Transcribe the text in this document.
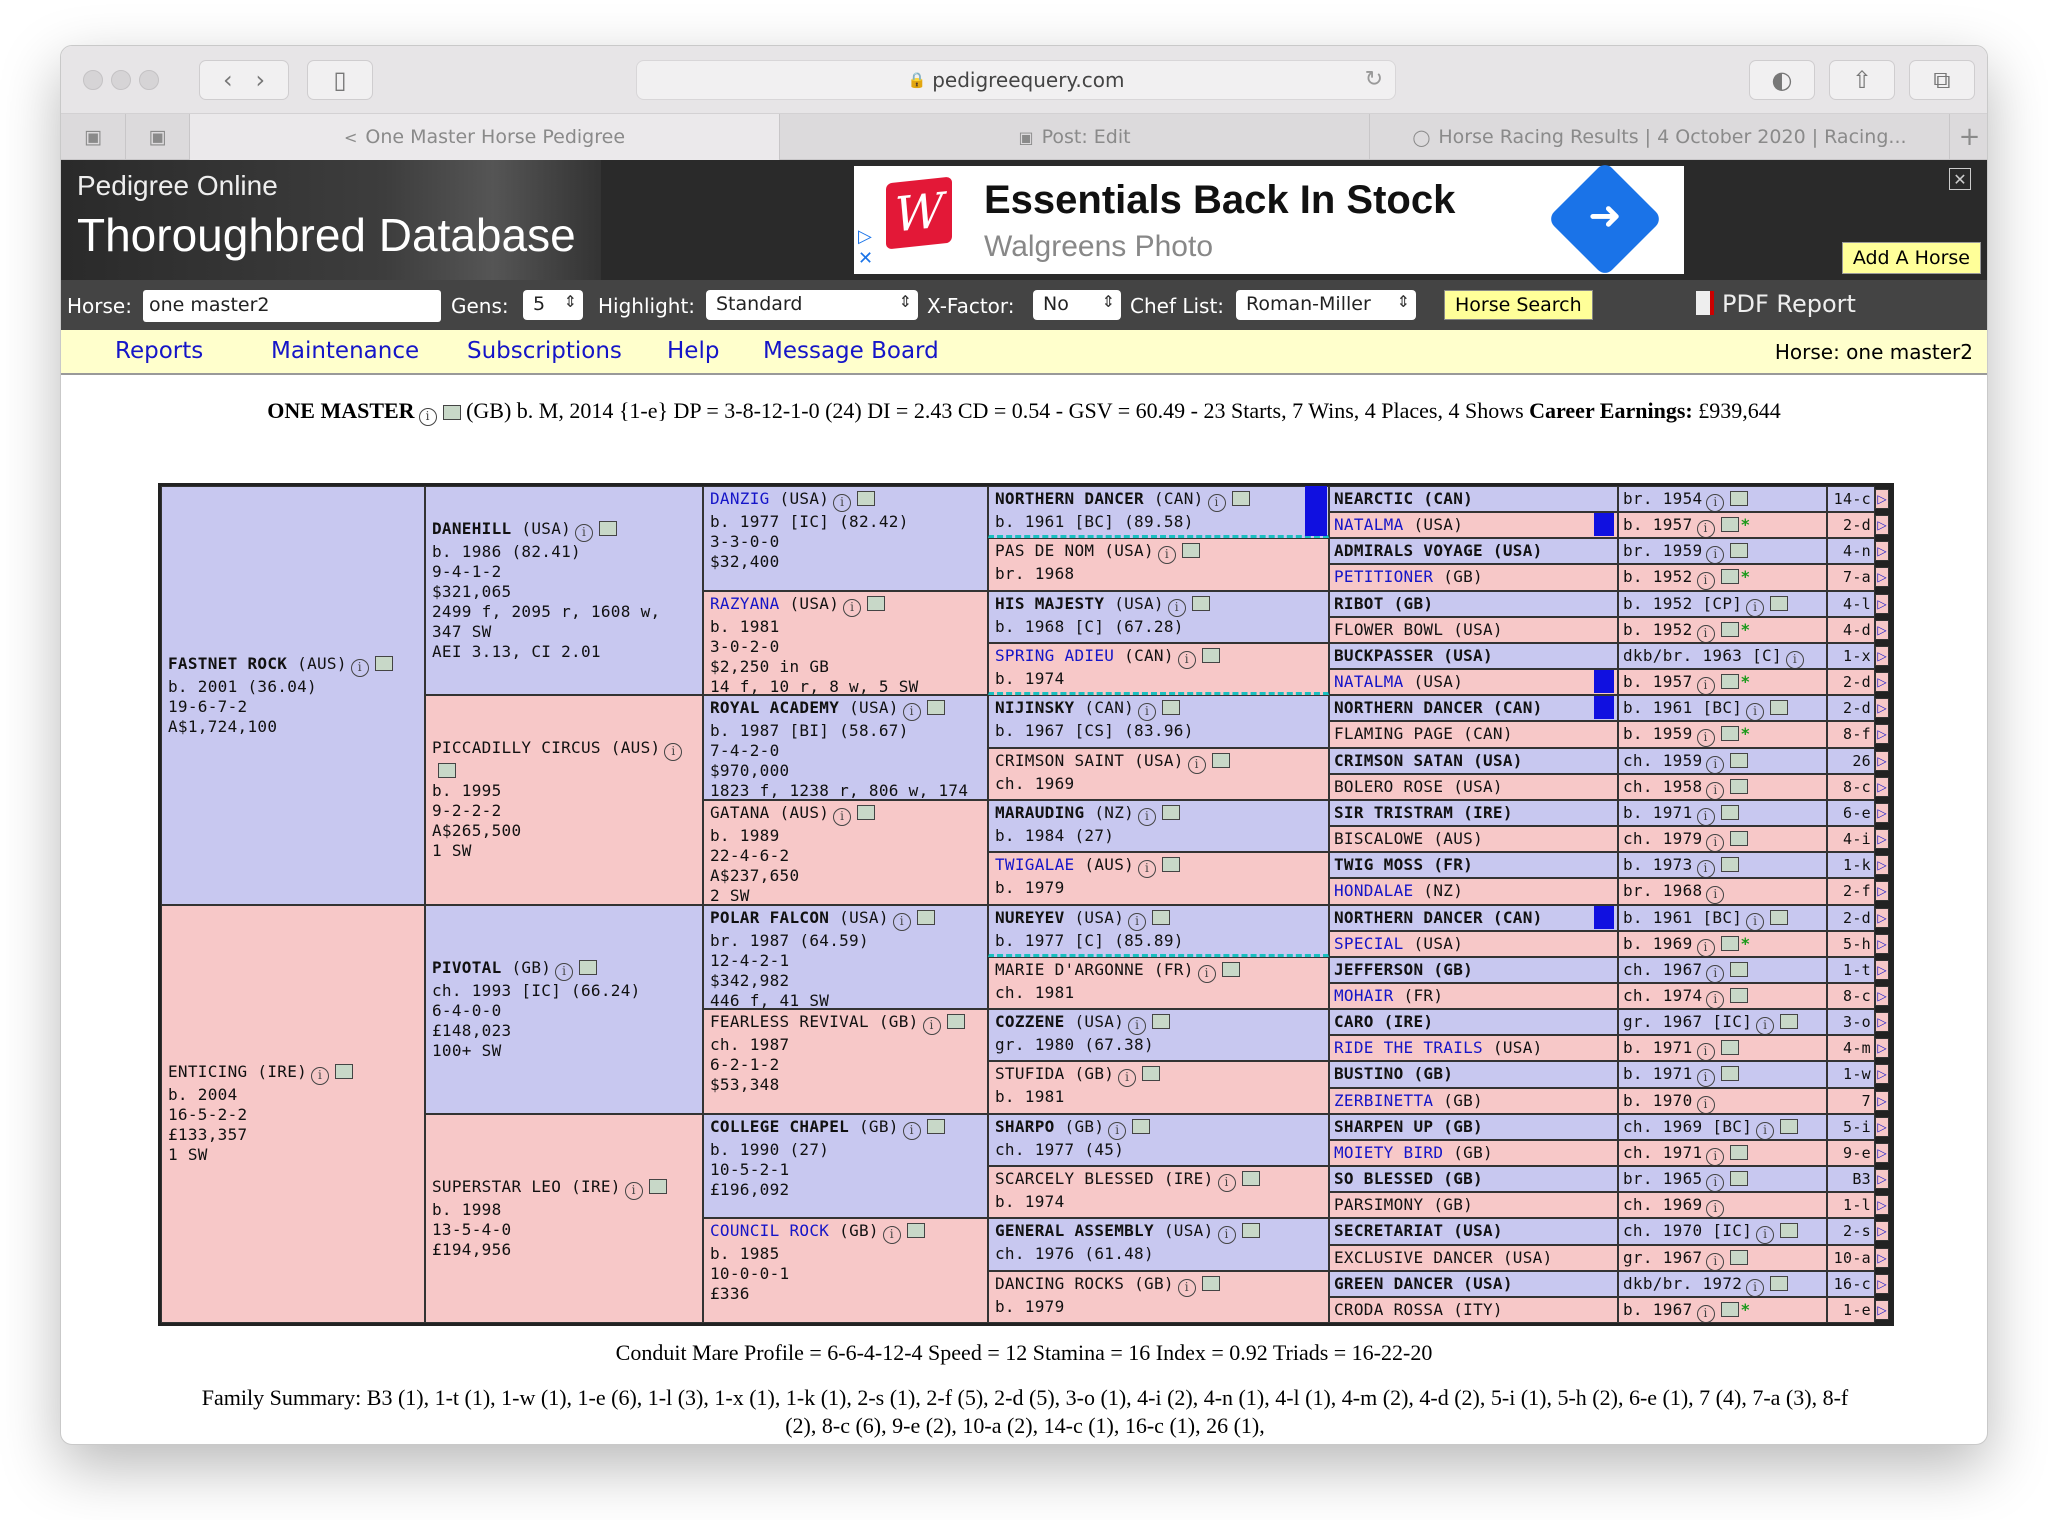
‹
›	▯	🔒 pedigreequery.com	↻	◐ ⇧	⧉
▣ ▣	< One Master Horse Pedigree	▣ Post: Edit	◯ Horse Racing Results | 4 October 2020 | Racing... +
Pedigree Online
Thoroughbred Database	▷
✕
W Essentials Back In Stock
Walgreens Photo
➜
✕
Add A Horse
Horse: one master2	Gens:	5 ⇕ Highlight:	Standard	⇕ X-Factor:	No ⇕ Chef List:	Roman-Miller ⇕	Horse Search	PDF Report
Reports	Maintenance Subscriptions Help Message Board	Horse: one master2
ONE MASTER i (GB) b. M, 2014 {1-e} DP = 3-8-12-1-0 (24) DI = 2.43 CD = 0.54 - GSV = 60.49 - 23 Starts, 7 Wins, 4 Places, 4 Shows Career Earnings: £939,644
FASTNET ROCK (AUS) i
b. 2001 (36.04)
19-6-7-2
A$1,724,100
ENTICING (IRE) i
b. 2004
16-5-2-2
£133,357
1 SW
DANEHILL (USA) i
b. 1986 (82.41)
9-4-1-2
$321,065
2499 f, 2095 r, 1608 w, 347 SW
AEI 3.13, CI 2.01
PICCADILLY CIRCUS (AUS) i
b. 1995
9-2-2-2
A$265,500
1 SW
PIVOTAL (GB) i
ch. 1993 [IC] (66.24)
6-4-0-0
£148,023
100+ SW
SUPERSTAR LEO (IRE) i
b. 1998
13-5-4-0
£194,956
DANZIG (USA) i
b. 1977 [IC] (82.42)
3-3-0-0
$32,400
RAZYANA (USA) i
b. 1981
3-0-2-0
$2,250 in GB
14 f, 10 r, 8 w, 5 SW
ROYAL ACADEMY (USA) i
b. 1987 [BI] (58.67)
7-4-2-0
$970,000
1823 f, 1238 r, 806 w, 174
GATANA (AUS) i
b. 1989
22-4-6-2
A$237,650
2 SW
POLAR FALCON (USA) i
br. 1987 (64.59)
12-4-2-1
$342,982
446 f, 41 SW
FEARLESS REVIVAL (GB) i
ch. 1987
6-2-1-2
$53,348
COLLEGE CHAPEL (GB) i
b. 1990 (27)
10-5-2-1
£196,092
COUNCIL ROCK (GB) i
b. 1985
10-0-0-1
£336
NORTHERN DANCER (CAN) i
b. 1961 [BC] (89.58)
PAS DE NOM (USA) i
br. 1968
HIS MAJESTY (USA) i
b. 1968 [C] (67.28)
SPRING ADIEU (CAN) i
b. 1974
NIJINSKY (CAN) i
b. 1967 [CS] (83.96)
CRIMSON SAINT (USA) i
ch. 1969
MARAUDING (NZ) i
b. 1984 (27)
TWIGALAE (AUS) i
b. 1979
NUREYEV (USA) i
b. 1977 [C] (85.89)
MARIE D'ARGONNE (FR) i
ch. 1981
COZZENE (USA) i
gr. 1980 (67.38)
STUFIDA (GB) i
b. 1981
SHARPO (GB) i
ch. 1977 (45)
SCARCELY BLESSED (IRE) i
b. 1974
GENERAL ASSEMBLY (USA) i
ch. 1976 (61.48)
DANCING ROCKS (GB) i
b. 1979
NEARCTIC (CAN)	br. 1954 i	14-c ▷
NATALMA (USA)	b. 1957 i *	2-d ▷
ADMIRALS VOYAGE (USA)	br. 1959 i	4-n ▷
PETITIONER (GB)	b. 1952 i *	7-a ▷
RIBOT (GB)	b. 1952 [CP] i	4-l ▷
FLOWER BOWL (USA)	b. 1952 i *	4-d ▷
BUCKPASSER (USA)	dkb/br. 1963 [C] i	1-x ▷
NATALMA (USA)	b. 1957 i *	2-d ▷
NORTHERN DANCER (CAN)	b. 1961 [BC] i	2-d ▷
FLAMING PAGE (CAN)	b. 1959 i *	8-f ▷
CRIMSON SATAN (USA)	ch. 1959 i	26 ▷
BOLERO ROSE (USA)	ch. 1958 i	8-c ▷
SIR TRISTRAM (IRE)	b. 1971 i	6-e ▷
BISCALOWE (AUS)	ch. 1979 i	4-i ▷
TWIG MOSS (FR)	b. 1973 i	1-k ▷
HONDALAE (NZ)	br. 1968 i	2-f ▷
NORTHERN DANCER (CAN)	b. 1961 [BC] i	2-d ▷
SPECIAL (USA)	b. 1969 i *	5-h ▷
JEFFERSON (GB)	ch. 1967 i	1-t ▷
MOHAIR (FR)	ch. 1974 i	8-c ▷
CARO (IRE)	gr. 1967 [IC] i	3-o ▷
RIDE THE TRAILS (USA)	b. 1971 i	4-m ▷
BUSTINO (GB)	b. 1971 i	1-w ▷
ZERBINETTA (GB)	b. 1970 i	7 ▷
SHARPEN UP (GB)	ch. 1969 [BC] i	5-i ▷
MOIETY BIRD (GB)	ch. 1971 i	9-e ▷
SO BLESSED (GB)	br. 1965 i	B3 ▷
PARSIMONY (GB)	ch. 1969 i	1-l ▷
SECRETARIAT (USA)	ch. 1970 [IC] i	2-s ▷
EXCLUSIVE DANCER (USA)	gr. 1967 i	10-a ▷
GREEN DANCER (USA)	dkb/br. 1972 i	16-c ▷
CRODA ROSSA (ITY)	b. 1967 i *	1-e ▷
Conduit Mare Profile = 6-6-4-12-4 Speed = 12 Stamina = 16 Index = 0.92 Triads = 16-22-20
Family Summary: B3 (1), 1-t (1), 1-w (1), 1-e (6), 1-l (3), 1-x (1), 1-k (1), 2-s (1), 2-f (5), 2-d (5), 3-o (1), 4-i (2), 4-n (1), 4-l (1), 4-m (2), 4-d (2), 5-i (1), 5-h (2), 6-e (1), 7 (4), 7-a (3), 8-f (2), 8-c (6), 9-e (2), 10-a (2), 14-c (1), 16-c (1), 26 (1),
